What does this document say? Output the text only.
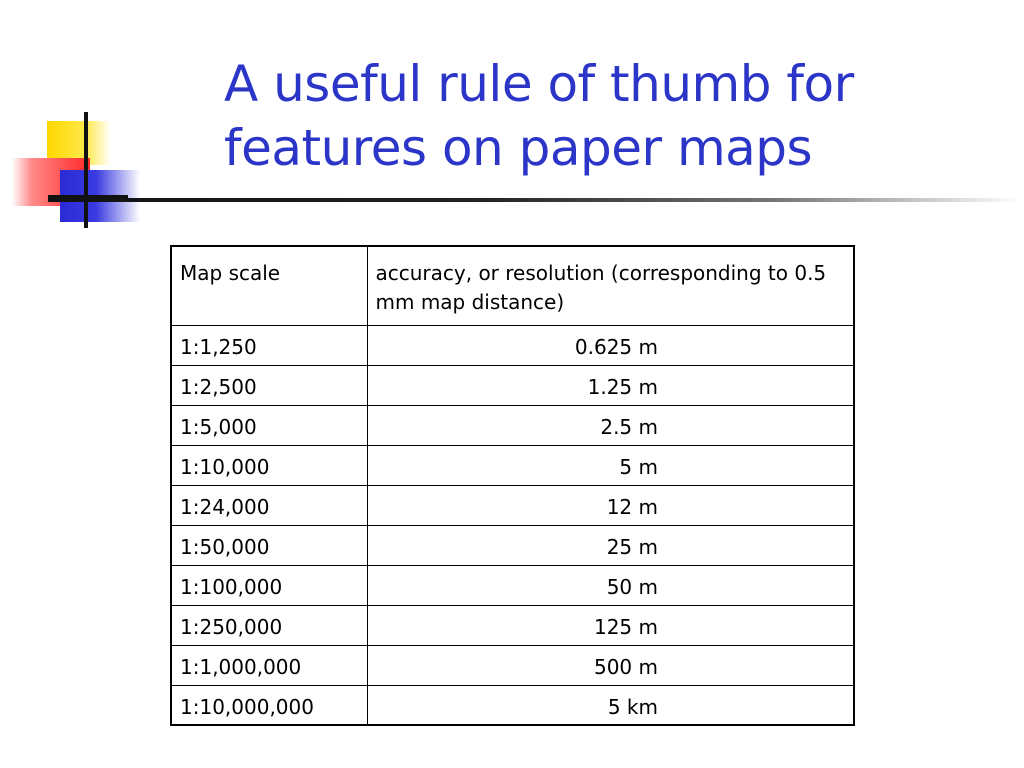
A useful rule of thumb for
features on paper maps
Map scale	accuracy, or resolution (corresponding to 0.5 mm map distance)
1:1,250	0.625 m
1:2,500	1.25 m
1:5,000	2.5 m
1:10,000	5 m
1:24,000	12 m
1:50,000	25 m
1:100,000	50 m
1:250,000	125 m
1:1,000,000	500 m
1:10,000,000	5 km
